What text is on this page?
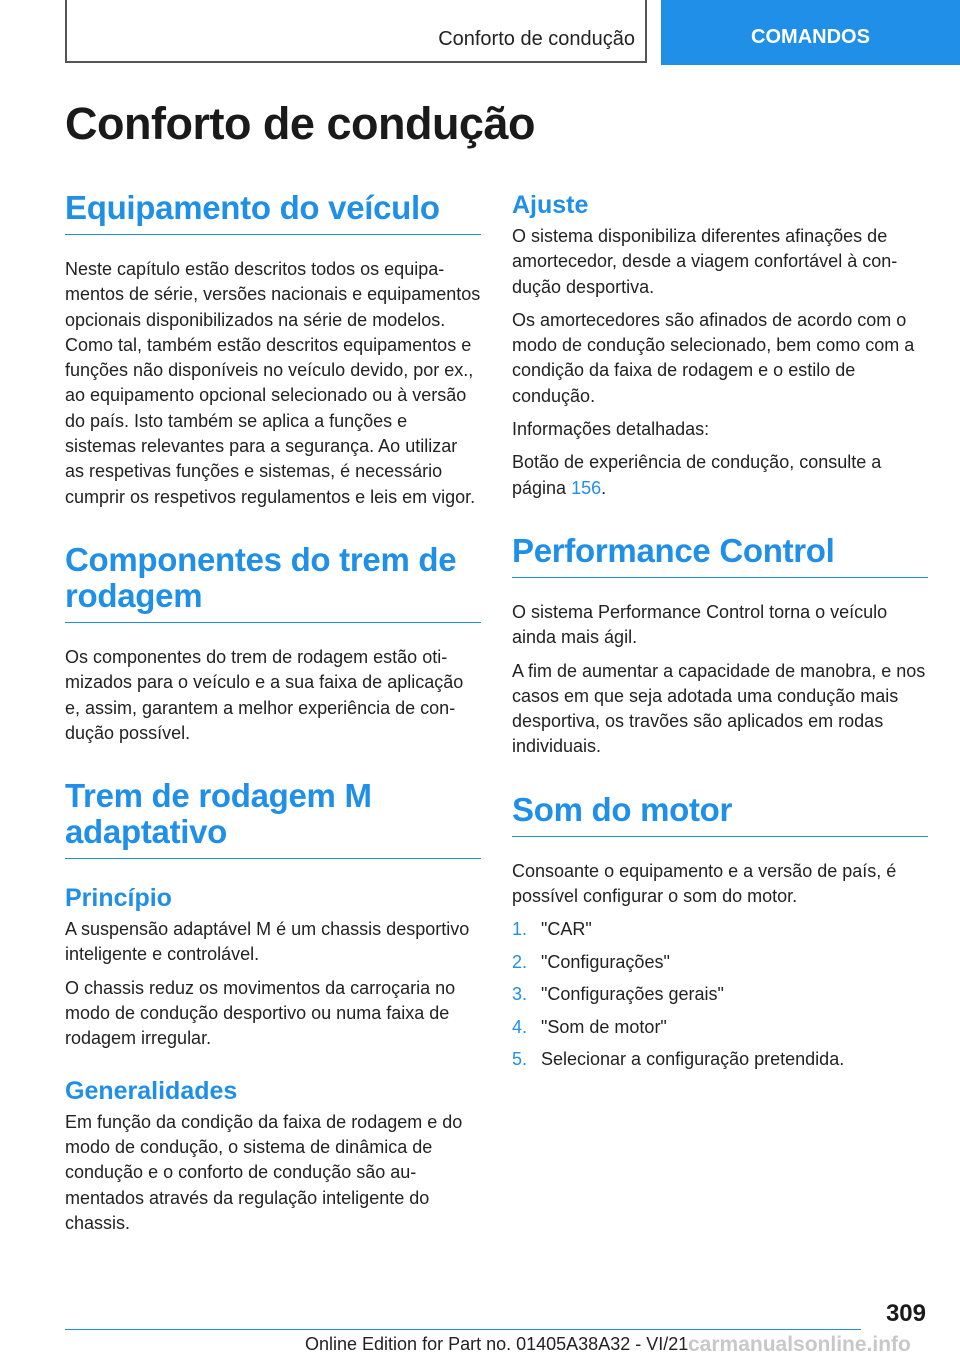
Conforto de condução	COMANDOS
Conforto de condução
Equipamento do veículo

Neste capítulo estão descritos todos os equipamentos de série, versões nacionais e equipamentos opcionais disponibilizados na série de modelos. Como tal, também estão descritos equipamentos e funções não disponíveis no veículo devido, por ex., ao equipamento opcional selecionado ou à versão do país. Isto também se aplica a funções e sistemas relevantes para a segurança. Ao utilizar as respetivas funções e sistemas, é necessário cumprir os respetivos regulamentos e leis em vigor.

Componentes do trem de rodagem

Os componentes do trem de rodagem estão otimizados para o veículo e a sua faixa de aplicação e, assim, garantem a melhor experiência de condução possível.

Trem de rodagem M adaptativo
Princípio

A suspensão adaptável M é um chassis desportivo inteligente e controlável.

O chassis reduz os movimentos da carroçaria no modo de condução desportivo ou numa faixa de rodagem irregular.

Generalidades

Em função da condição da faixa de rodagem e do modo de condução, o sistema de dinâmica de condução e o conforto de condução são aumentados através da regulação inteligente do chassis.

Ajuste

O sistema disponibiliza diferentes afinações de amortecedor, desde a viagem confortável à condução desportiva.

Os amortecedores são afinados de acordo com o modo de condução selecionado, bem como com a condição da faixa de rodagem e o estilo de condução.

Informações detalhadas:

Botão de experiência de condução, consulte a página 156.

Performance Control

O sistema Performance Control torna o veículo ainda mais ágil.

A fim de aumentar a capacidade de manobra, e nos casos em que seja adotada uma condução mais desportiva, os travões são aplicados em rodas individuais.

Som do motor

Consoante o equipamento e a versão de país, é possível configurar o som do motor.

1. "CAR"
2. "Configurações"
3. "Configurações gerais"
4. "Som de motor"
5. Selecionar a configuração pretendida.
309
Online Edition for Part no. 01405A38A32 - VI/21 carmanualsonline.info
